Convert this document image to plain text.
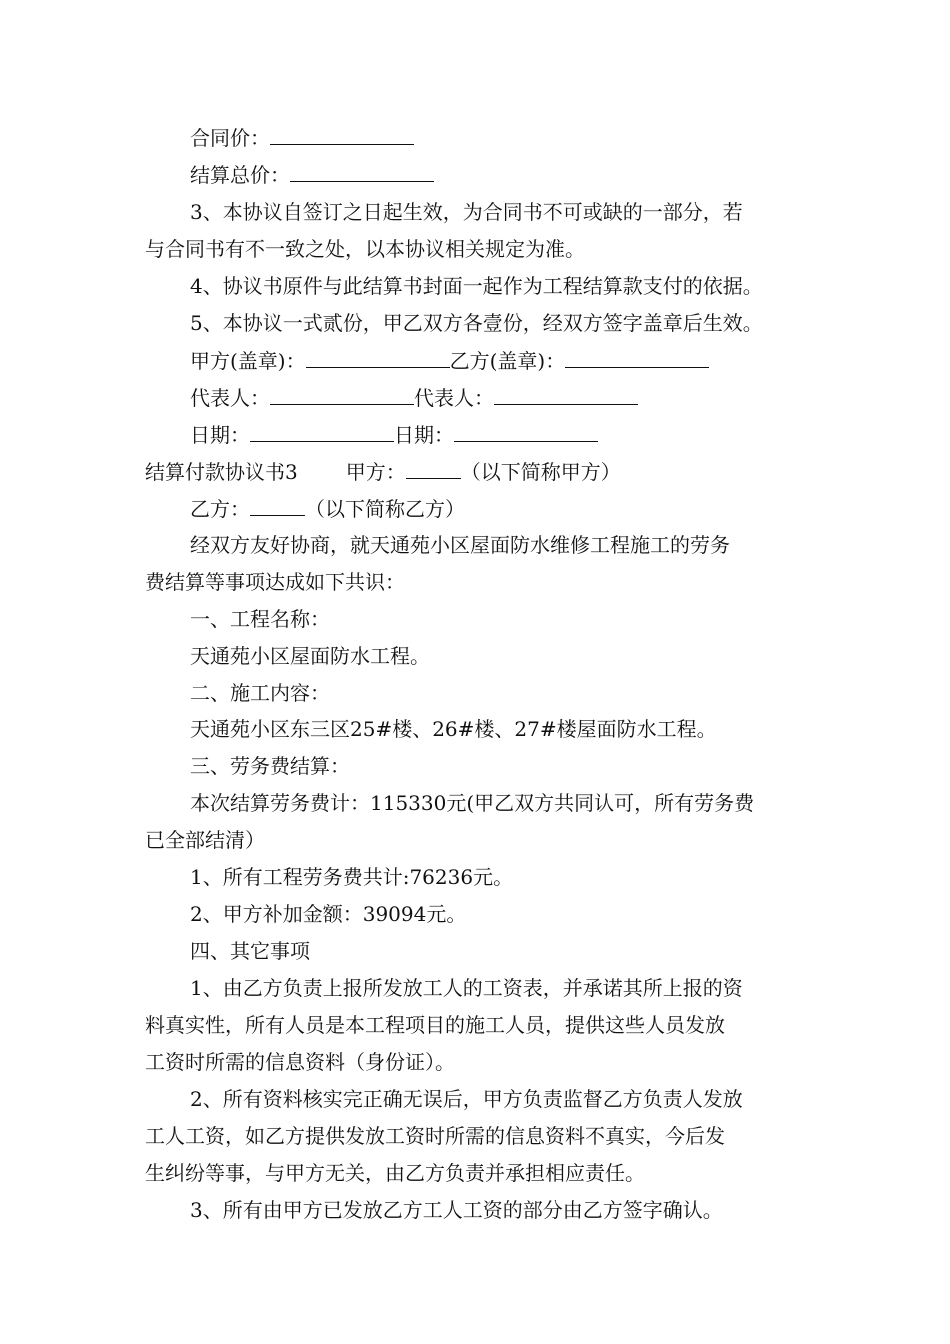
合同价：
结算总价：
3、本协议自签订之日起生效，为合同书不可或缺的一部分，若
与合同书有不一致之处，以本协议相关规定为准。
4、协议书原件与此结算书封面一起作为工程结算款支付的依据。
5、本协议一式贰份，甲乙双方各壹份，经双方签字盖章后生效。
甲方(盖章)：	乙方(盖章)：
代表人：	代表人：
日期：	日期：
结算付款协议书3 甲方：	（以下简称甲方）
乙方：	（以下简称乙方）
经双方友好协商，就天通苑小区屋面防水维修工程施工的劳务
费结算等事项达成如下共识：
一、工程名称：
天通苑小区屋面防水工程。
二、施工内容：
天通苑小区东三区25#楼、26#楼、27#楼屋面防水工程。
三、劳务费结算：
本次结算劳务费计：115330元(甲乙双方共同认可，所有劳务费
已全部结清）
1、所有工程劳务费共计:76236元。
2、甲方补加金额：39094元。
四、其它事项
1、由乙方负责上报所发放工人的工资表，并承诺其所上报的资
料真实性，所有人员是本工程项目的施工人员，提供这些人员发放
工资时所需的信息资料（身份证）。
2、所有资料核实完正确无误后，甲方负责监督乙方负责人发放
工人工资，如乙方提供发放工资时所需的信息资料不真实，今后发
生纠纷等事，与甲方无关，由乙方负责并承担相应责任。
3、所有由甲方已发放乙方工人工资的部分由乙方签字确认。
